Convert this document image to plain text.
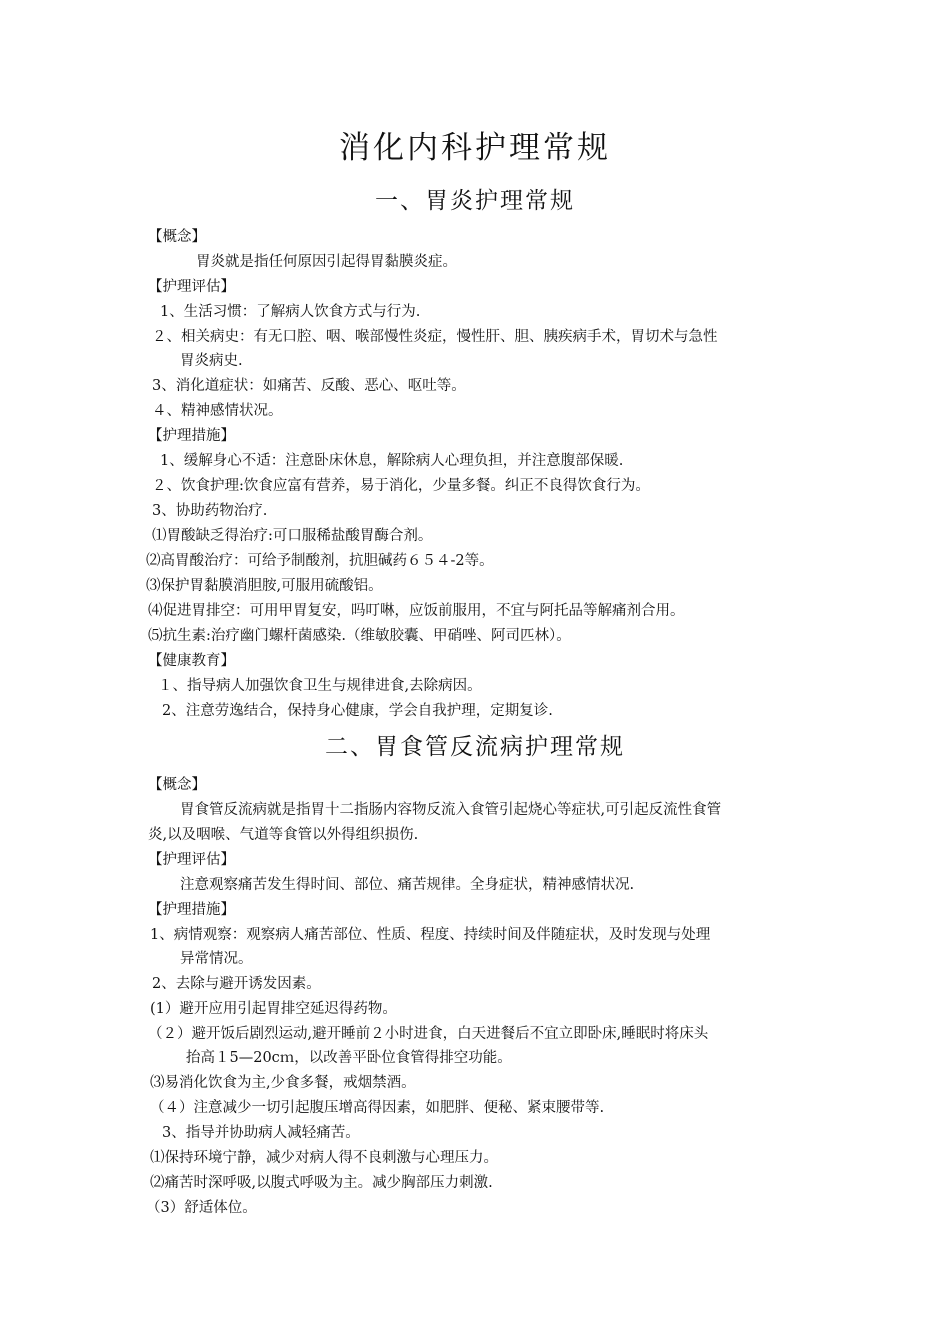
消化内科护理常规
一、胃炎护理常规
【概念】
胃炎就是指任何原因引起得胃黏膜炎症。
【护理评估】
1、生活习惯：了解病人饮食方式与行为.
２、相关病史：有无口腔、咽、喉部慢性炎症，慢性肝、胆、胰疾病手术，胃切术与急性
胃炎病史.
3、消化道症状：如痛苦、反酸、恶心、呕吐等。
４、精神感情状况。
【护理措施】
1、缓解身心不适：注意卧床休息，解除病人心理负担，并注意腹部保暖.
２、饮食护理:饮食应富有营养，易于消化，少量多餐。纠正不良得饮食行为。
3、协助药物治疗.
⑴胃酸缺乏得治疗:可口服稀盐酸胃酶合剂。
⑵高胃酸治疗：可给予制酸剂，抗胆碱药６５４-2等。
⑶保护胃黏膜消胆胺,可服用硫酸铝。
⑷促进胃排空：可用甲胃复安，吗叮啉，应饭前服用，不宜与阿托品等解痛剂合用。
⑸抗生素:治疗幽门螺杆菌感染.（维敏胶囊、甲硝唑、阿司匹林）。
【健康教育】
１、指导病人加强饮食卫生与规律进食,去除病因。
2、注意劳逸结合，保持身心健康，学会自我护理，定期复诊.
二、胃食管反流病护理常规
【概念】
胃食管反流病就是指胃十二指肠内容物反流入食管引起烧心等症状,可引起反流性食管
炎,以及咽喉、气道等食管以外得组织损伤.
【护理评估】
注意观察痛苦发生得时间、部位、痛苦规律。全身症状，精神感情状况.
【护理措施】
1、病情观察：观察病人痛苦部位、性质、程度、持续时间及伴随症状，及时发现与处理
异常情况。
2、去除与避开诱发因素。
(1）避开应用引起胃排空延迟得药物。
（２）避开饭后剧烈运动,避开睡前２小时进食，白天进餐后不宜立即卧床,睡眠时将床头
抬高１5—20cｍ，以改善平卧位食管得排空功能。
⑶易消化饮食为主,少食多餐，戒烟禁酒。
（４）注意减少一切引起腹压增高得因素，如肥胖、便秘、紧束腰带等.
3、指导并协助病人减轻痛苦。
⑴保持环境宁静，减少对病人得不良刺激与心理压力。
⑵痛苦时深呼吸,以腹式呼吸为主。减少胸部压力刺激.
（3）舒适体位。
